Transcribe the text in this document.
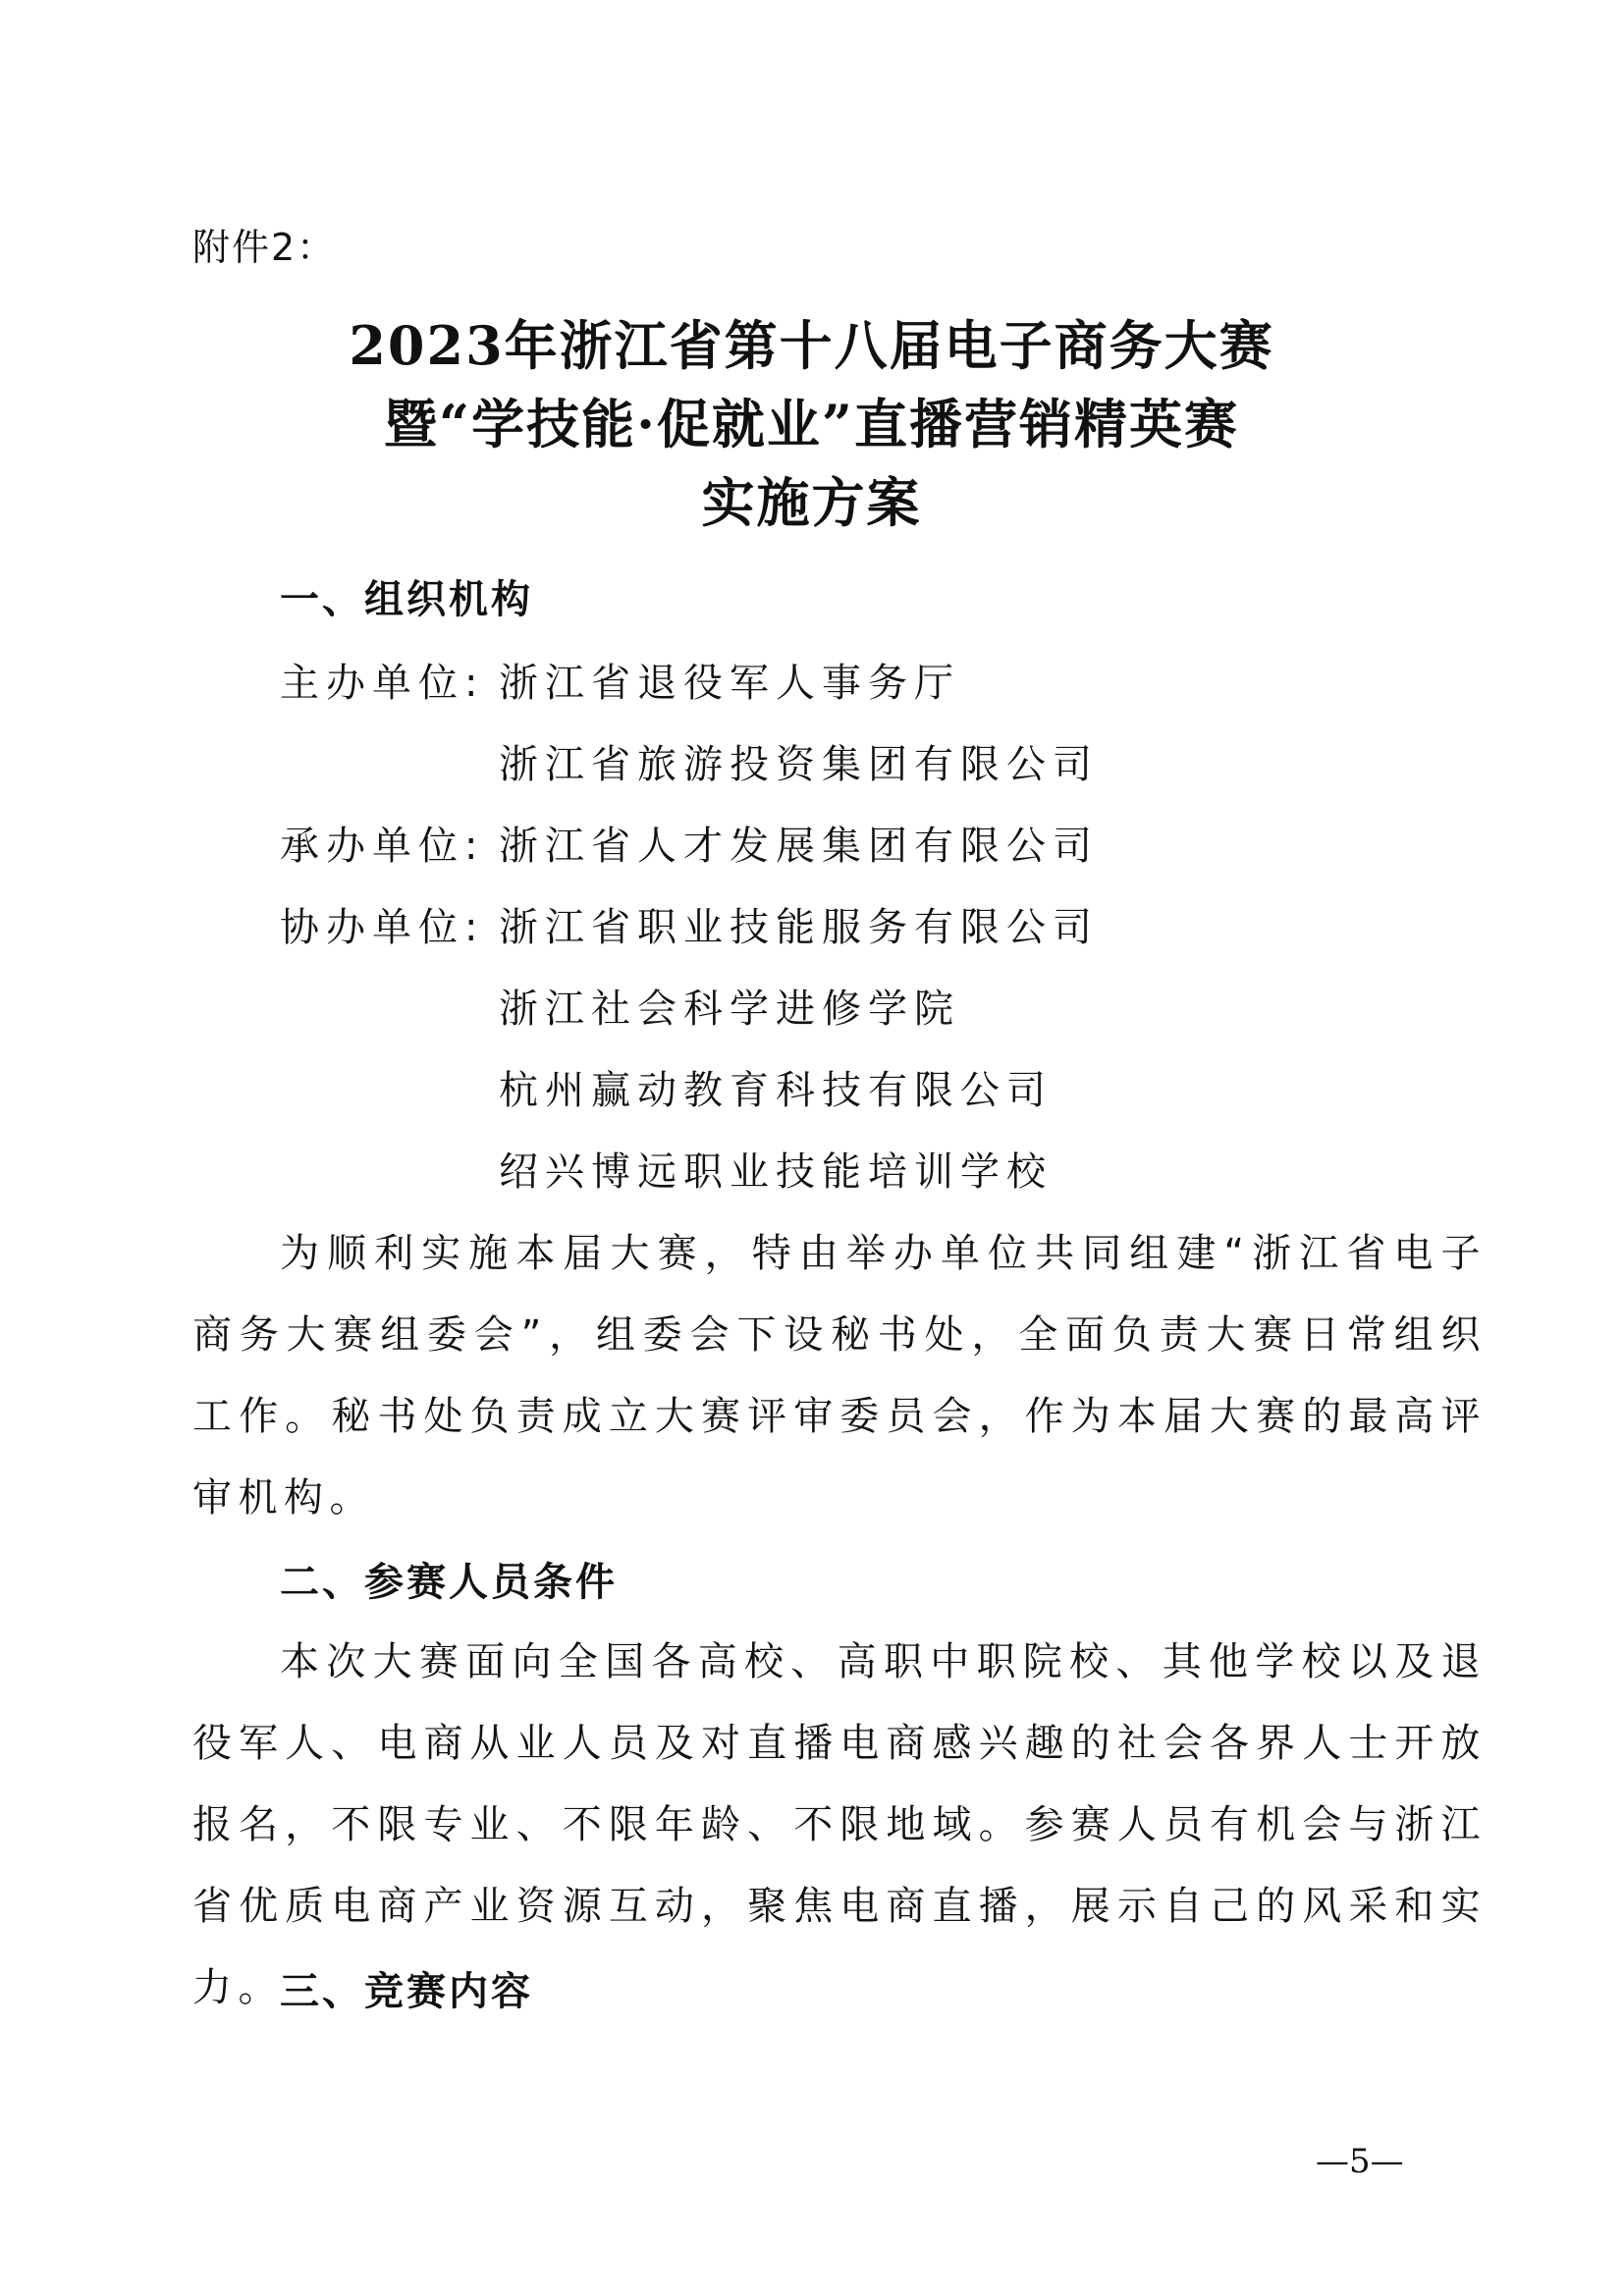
附件2：
2023年浙江省第十八届电子商务大赛
暨“学技能·促就业”直播营销精英赛
实施方案
一、组织机构
主办单位: 浙江省退役军人事务厅
浙江省旅游投资集团有限公司
承办单位: 浙江省人才发展集团有限公司
协办单位: 浙江省职业技能服务有限公司
浙江社会科学进修学院
杭州赢动教育科技有限公司
绍兴博远职业技能培训学校

为顺利实施本届大赛，特由举办单位共同组建“浙江省电子商务大赛组委会”，组委会下设秘书处，全面负责大赛日常组织工作。秘书处负责成立大赛评审委员会，作为本届大赛的最高评审机构。

二、参赛人员条件

本次大赛面向全国各高校、高职中职院校、其他学校以及退役军人、电商从业人员及对直播电商感兴趣的社会各界人士开放报名，不限专业、不限年龄、不限地域。参赛人员有机会与浙江省优质电商产业资源互动，聚焦电商直播，展示自己的风采和实力。

三、竞赛内容
—5—
